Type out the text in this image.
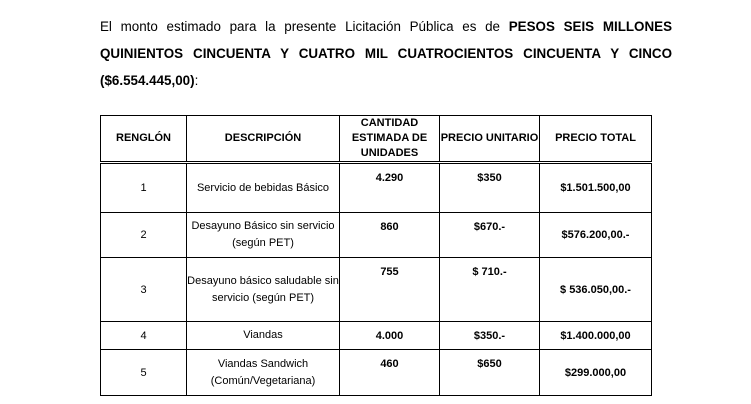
El monto estimado para la presente Licitación Pública es de PESOS SEIS MILLONES QUINIENTOS CINCUENTA Y CUATRO MIL CUATROCIENTOS CINCUENTA Y CINCO ($6.554.445,00):
RENGLÓN	DESCRIPCIÓN	CANTIDAD ESTIMADA DE UNIDADES	PRECIO UNITARIO	PRECIO TOTAL
1	Servicio de bebidas Básico	4.290	$350	$1.501.500,00
2	Desayuno Básico sin servicio (según PET)	860	$670.-	$576.200,00.-
3	Desayuno básico saludable sin servicio (según PET)	755	$ 710.-	$ 536.050,00.-
4	Viandas	4.000	$350.-	$1.400.000,00
5	Viandas Sandwich (Común/Vegetariana)	460	$650	$299.000,00
